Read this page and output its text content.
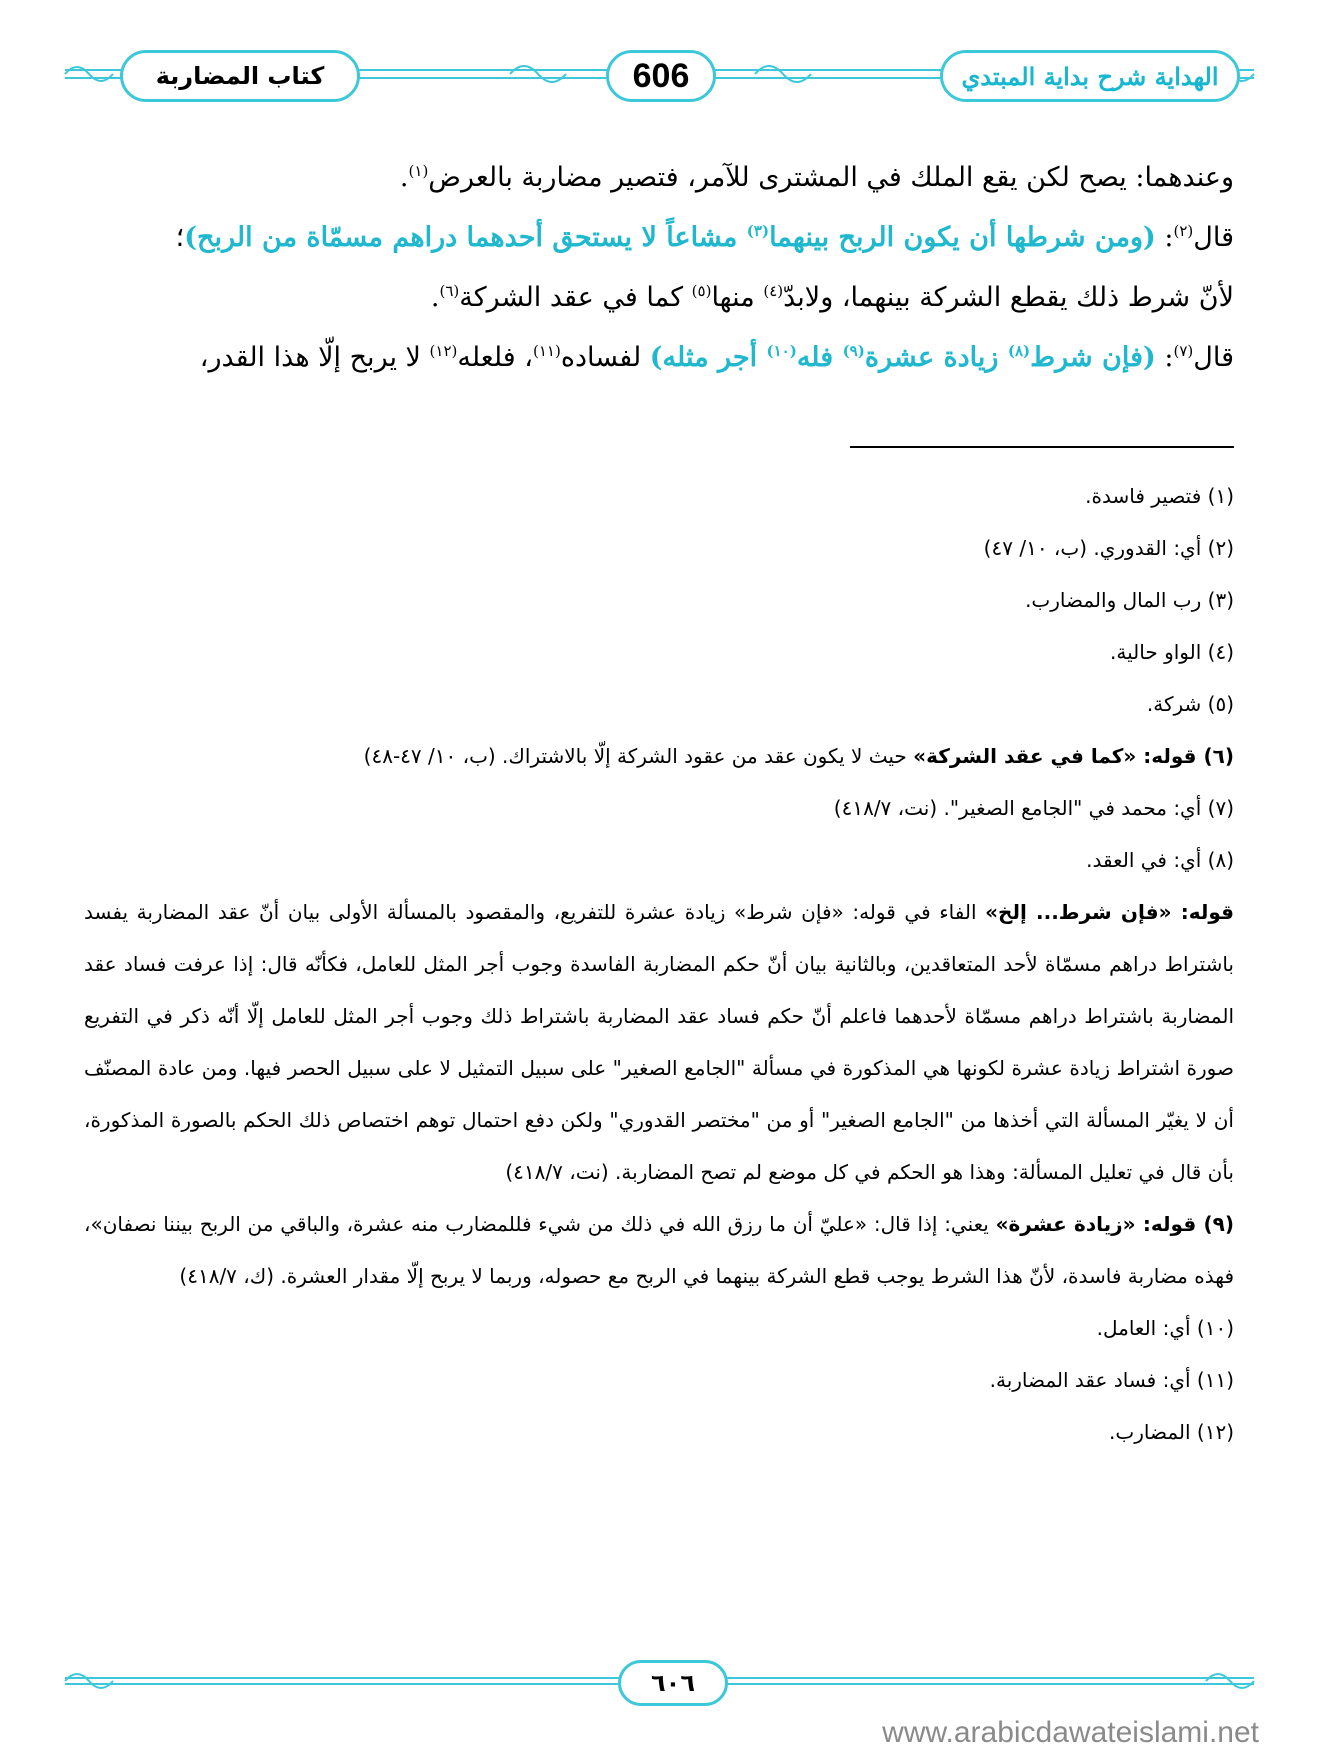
كتاب المضاربة	606	الهداية شرح بداية المبتدي

وعندهما: يصح لكن يقع الملك في المشترى للآمر، فتصير مضاربة بالعرض$^{(١)}$.

قال$^{(٢)}$: (ومن شرطها أن يكون الربح بينهما$^{(٣)}$ مشاعاً لا يستحق أحدهما دراهم مسمّاة من الربح)؛

لأنّ شرط ذلك يقطع الشركة بينهما، ولابدّ$^{(٤)}$ منها$^{(٥)}$ كما في عقد الشركة$^{(٦)}$.

قال$^{(٧)}$: (فإن شرط$^{(٨)}$ زيادة عشرة$^{(٩)}$ فله$^{(١٠)}$ أجر مثله) لفساده$^{(١١)}$، فلعله$^{(١٢)}$ لا يربح إلّا هذا القدر،

(١) فتصير فاسدة.

(٢) أي: القدوري. (ب، ١٠/ ٤٧)

(٣) رب المال والمضارب.

(٤) الواو حالية.

(٥) شركة.

(٦) قوله: «كما في عقد الشركة» حيث لا يكون عقد من عقود الشركة إلّا بالاشتراك. (ب، ١٠/ ٤٧-٤٨)

(٧) أي: محمد في "الجامع الصغير". (نت، ٤١٨/٧)

(٨) أي: في العقد.

قوله: «فإن شرط... إلخ» الفاء في قوله: «فإن شرط» زيادة عشرة للتفريع، والمقصود بالمسألة الأولى بيان أنّ عقد المضاربة يفسد باشتراط دراهم مسمّاة لأحد المتعاقدين، وبالثانية بيان أنّ حكم المضاربة الفاسدة وجوب أجر المثل للعامل، فكأنّه قال: إذا عرفت فساد عقد المضاربة باشتراط دراهم مسمّاة لأحدهما فاعلم أنّ حكم فساد عقد المضاربة باشتراط ذلك وجوب أجر المثل للعامل إلّا أنّه ذكر في التفريع صورة اشتراط زيادة عشرة لكونها هي المذكورة في مسألة "الجامع الصغير" على سبيل التمثيل لا على سبيل الحصر فيها. ومن عادة المصنّف أن لا يغيّر المسألة التي أخذها من "الجامع الصغير" أو من "مختصر القدوري" ولكن دفع احتمال توهم اختصاص ذلك الحكم بالصورة المذكورة، بأن قال في تعليل المسألة: وهذا هو الحكم في كل موضع لم تصح المضاربة. (نت، ٤١٨/٧)

(٩) قوله: «زيادة عشرة» يعني: إذا قال: «عليّ أن ما رزق الله في ذلك من شيء فللمضارب منه عشرة، والباقي من الربح بيننا نصفان»، فهذه مضاربة فاسدة، لأنّ هذا الشرط يوجب قطع الشركة بينهما في الربح مع حصوله، وربما لا يربح إلّا مقدار العشرة. (ك، ٤١٨/٧)

(١٠) أي: العامل.

(١١) أي: فساد عقد المضاربة.

(١٢) المضارب.

٦٠٦
www.arabicdawateislami.net
